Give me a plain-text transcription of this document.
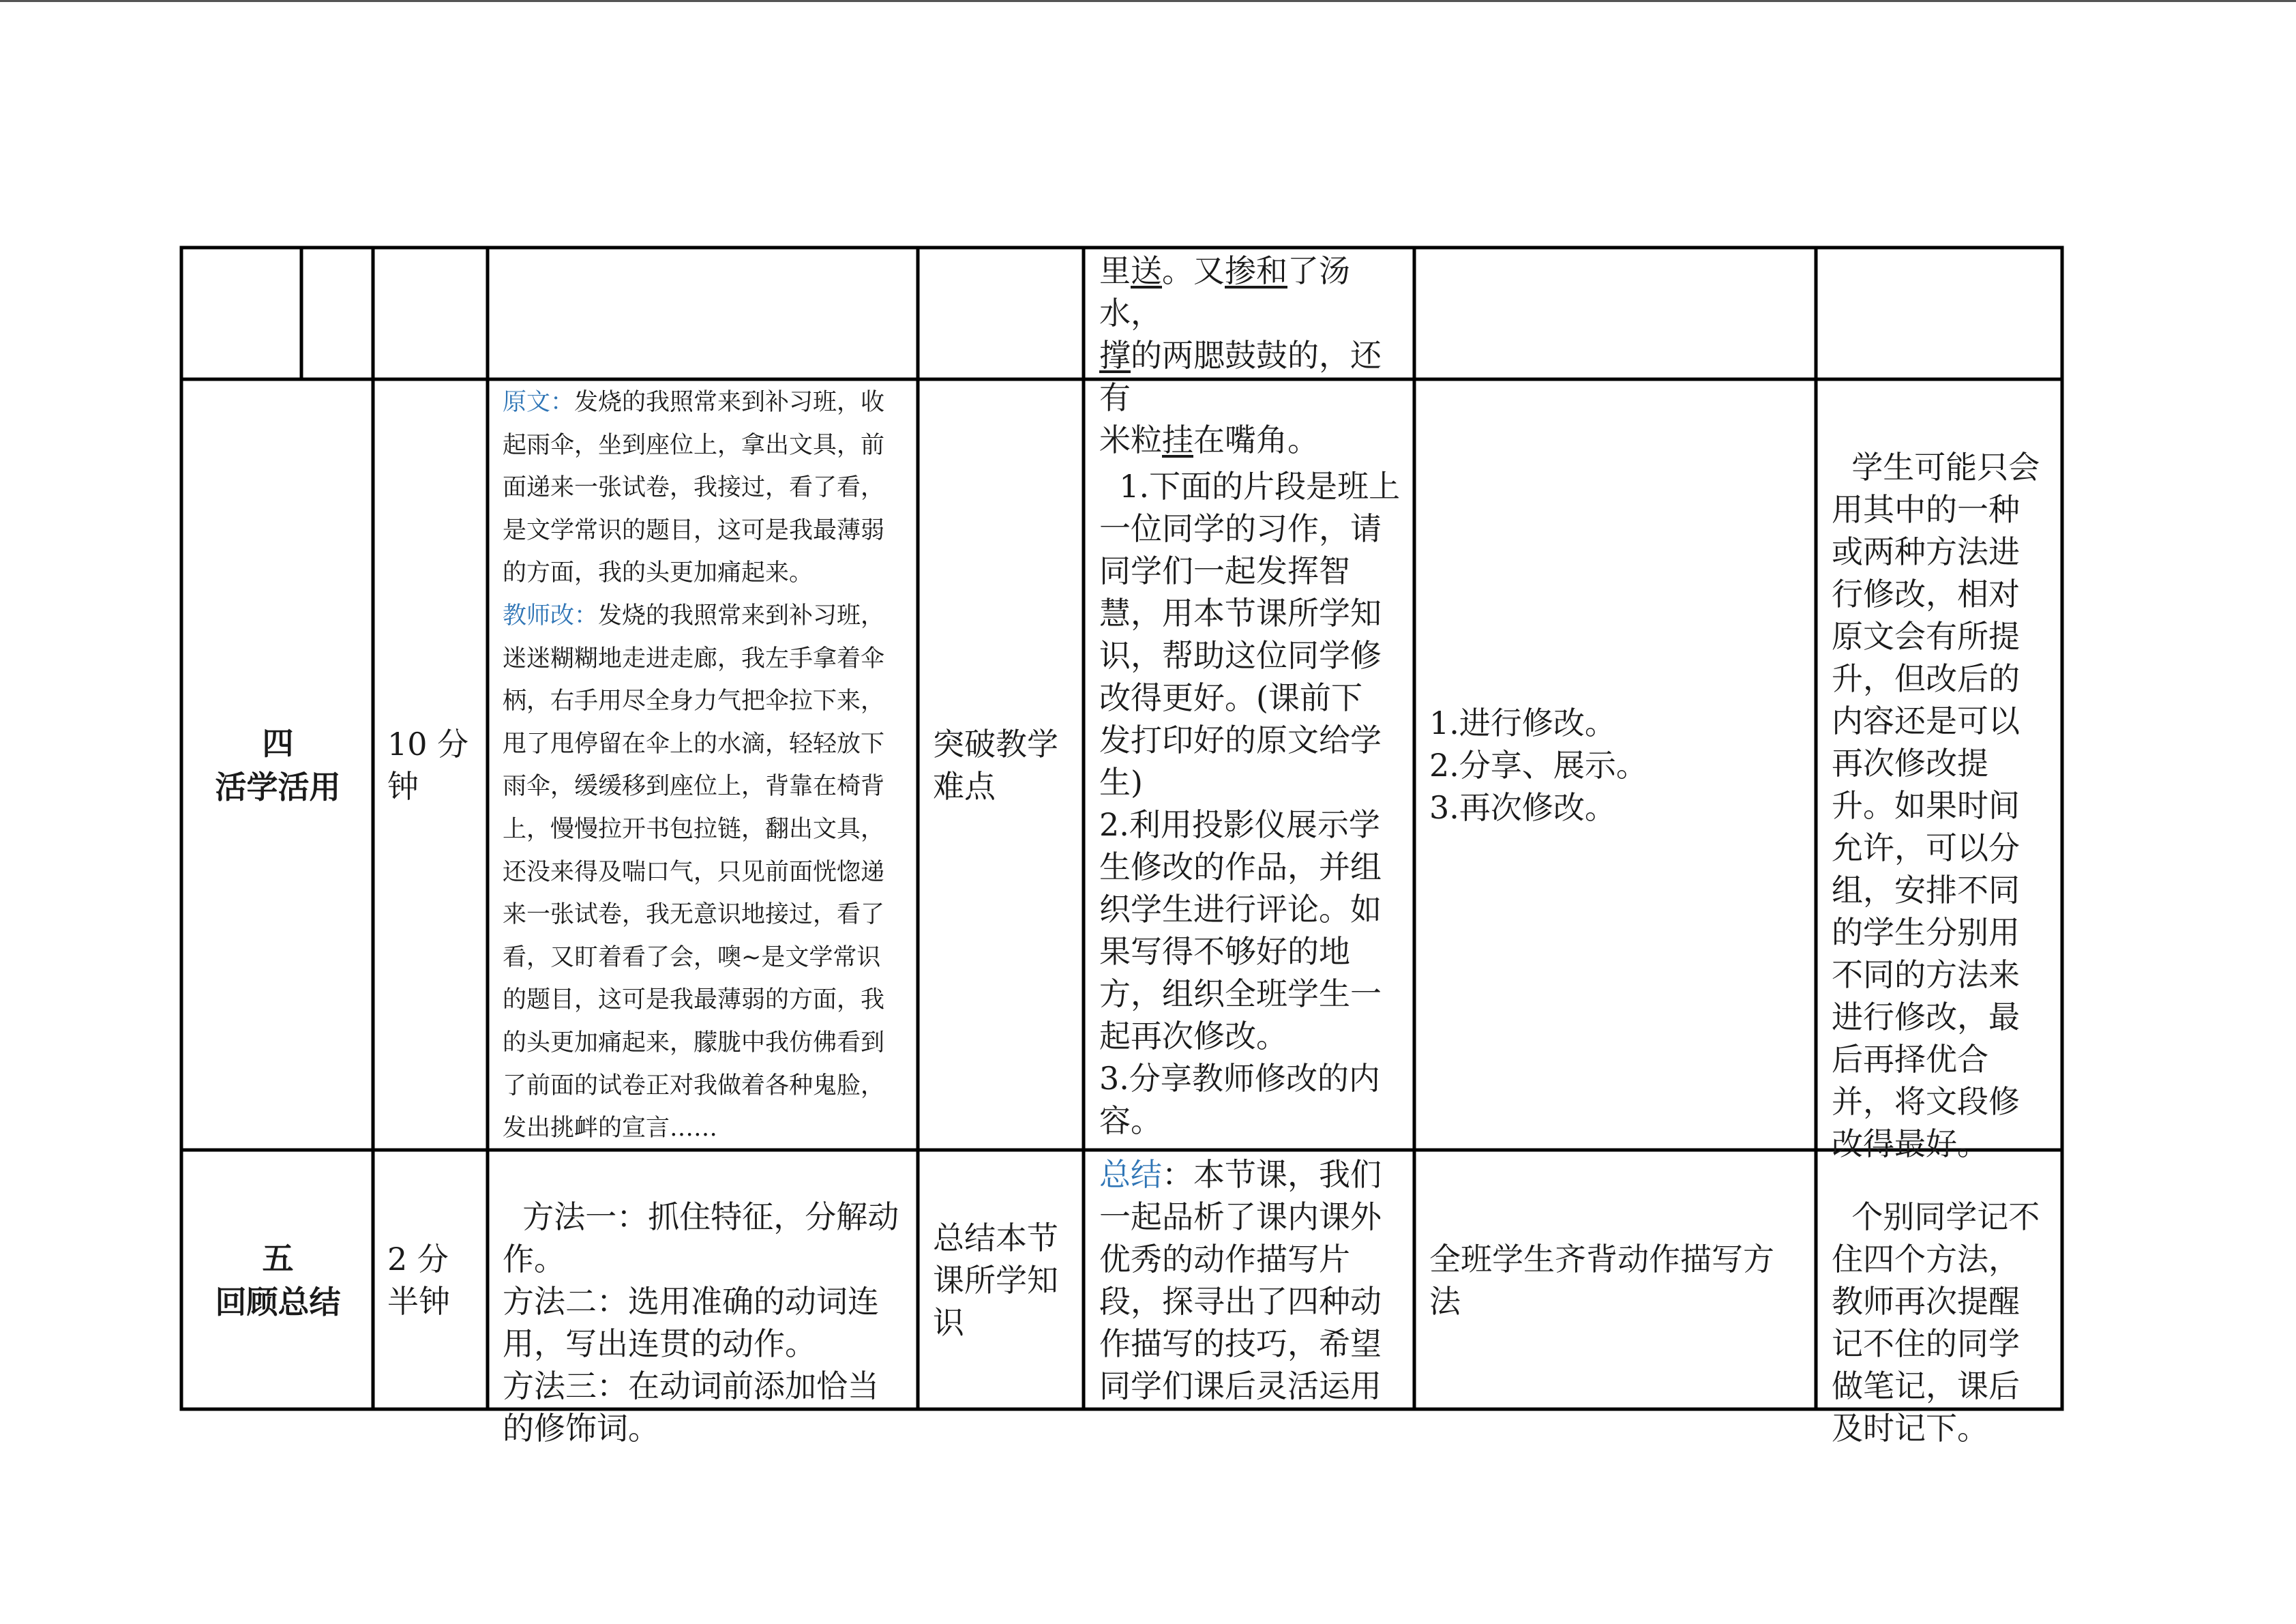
里送。又掺和了汤水，
撑的两腮鼓鼓的，还有
米粒挂在嘴角。
四
活学活用
10 分
钟
原文：发烧的我照常来到补习班，收起雨伞，坐到座位上，拿出文具，前面递来一张试卷，我接过，看了看，是文学常识的题目，这可是我最薄弱的方面，我的头更加痛起来。
教师改：发烧的我照常来到补习班，迷迷糊糊地走进走廊，我左手拿着伞柄，右手用尽全身力气把伞拉下来，甩了甩停留在伞上的水滴，轻轻放下雨伞，缓缓移到座位上，背靠在椅背上，慢慢拉开书包拉链，翻出文具，还没来得及喘口气，只见前面恍惚递来一张试卷，我无意识地接过，看了看，又盯着看了会，噢~是文学常识的题目，这可是我最薄弱的方面，我的头更加痛起来，朦胧中我仿佛看到了前面的试卷正对我做着各种鬼脸，发出挑衅的宣言……
突破教学
难点

1.下面的片段是班上
一位同学的习作，请
同学们一起发挥智
慧，用本节课所学知
识，帮助这位同学修
改得更好。(课前下
发打印好的原文给学
生)
2.利用投影仪展示学
生修改的作品，并组
织学生进行评论。如
果写得不够好的地
方，组织全班学生一
起再次修改。
3.分享教师修改的内
容。

1.进行修改。
2.分享、展示。
3.再次修改。

学生可能只会
用其中的一种
或两种方法进
行修改，相对
原文会有所提
升，但改后的
内容还是可以
再次修改提
升。如果时间
允许，可以分
组，安排不同
的学生分别用
不同的方法来
进行修改，最
后再择优合
并，将文段修
改得最好。

五
回顾总结
2 分
半钟

方法一：抓住特征，分解动
作。
方法二：选用准确的动词连
用，写出连贯的动作。
方法三：在动词前添加恰当
的修饰词。

总结本节
课所学知
识
总结：本节课，我们
一起品析了课内课外
优秀的动作描写片
段，探寻出了四种动
作描写的技巧，希望
同学们课后灵活运用
全班学生齐背动作描写方
法

个别同学记不
住四个方法，
教师再次提醒
记不住的同学
做笔记，课后
及时记下。
